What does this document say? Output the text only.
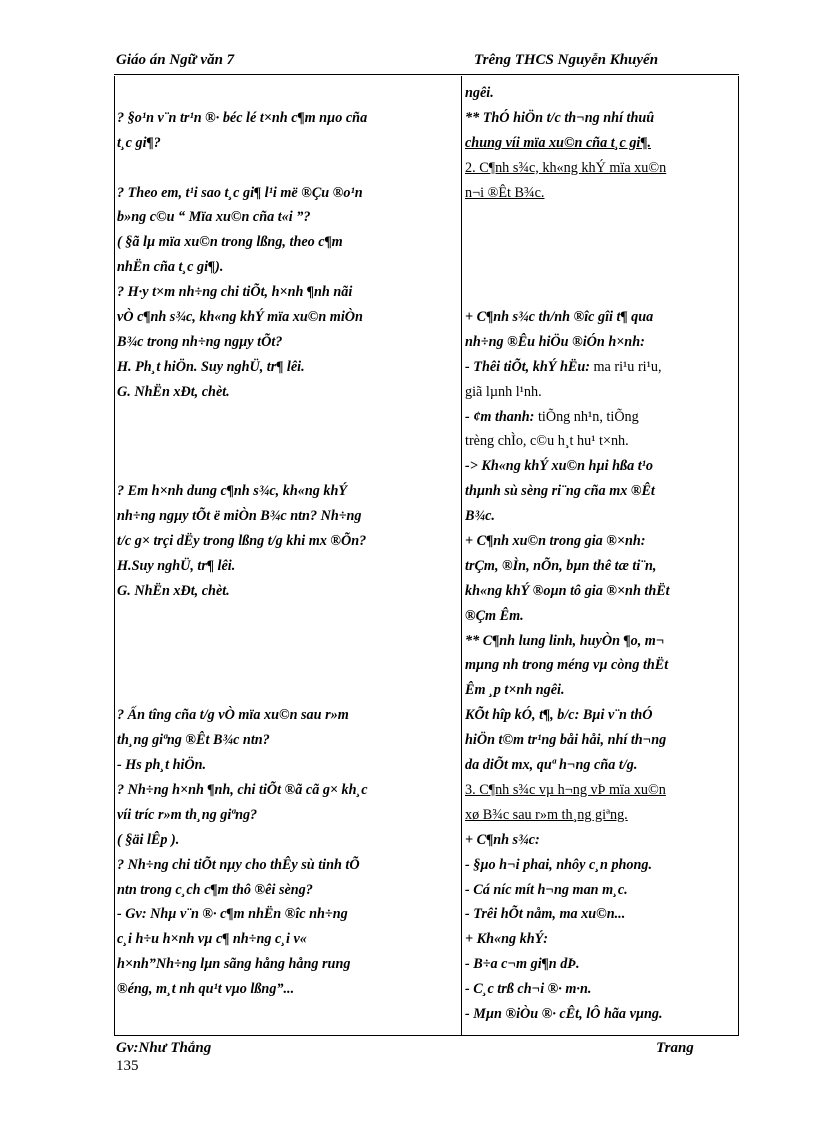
Giáo án Ngữ văn 7	Trêng THCS Nguyễn Khuyến
? §o¹n v¨n tr¹n ®· béc lé t×nh c¶m nµo cña
t¸c gi¶?
? Theo em, t¹i sao t¸c gi¶ l¹i më ®Çu ®o¹n
b»ng c©u “ Mïa xu©n cña t«i ”?
( §ã lµ mïa xu©n trong lßng, theo c¶m
nhËn cña t¸c gi¶).
? H·y t×m nh÷ng chi tiÕt, h×nh ¶nh nãi
vÒ c¶nh s¾c, kh«ng khÝ mïa xu©n miÒn
B¾c trong nh÷ng ngµy tÕt?
H. Ph¸t hiÖn. Suy nghÜ, tr¶ lêi.
G. NhËn xÐt, chèt.
? Em h×nh dung c¶nh s¾c, kh«ng khÝ
nh÷ng ngµy tÕt ë miÒn B¾c ntn? Nh÷ng
t/c g× trçi dËy trong lßng t/g khi mx ®Õn?
H.Suy nghÜ, tr¶ lêi.
G. NhËn xÐt, chèt.
? Ấn tîng cña t/g vÒ mïa xu©n sau r»m
th¸ng giªng ®Êt B¾c ntn?
- Hs ph¸t hiÖn.
? Nh÷ng h×nh ¶nh, chi tiÕt ®ã cã g× kh¸c
víi tríc r»m th¸ng giªng?
( §äi lÊp ).
? Nh÷ng chi tiÕt nµy cho thÊy sù tinh tÕ
ntn trong c¸ch c¶m thô ®êi sèng?
- Gv: Nhµ v¨n ®· c¶m nhËn ®îc nh÷ng
c¸i h÷u h×nh vµ c¶ nh÷ng c¸i v«
h×nh”Nh÷ng lµn sãng hång hång rung
®éng, m¸t nh qu¹t vµo lßng”...
ngêi.
** ThÓ hiÖn t/c th¬ng nhí thuû
chung víi mïa xu©n cña t¸c gi¶.
2. C¶nh s¾c, kh«ng khÝ mïa xu©n
n¬i ®Êt B¾c.
+ C¶nh s¾c th/nh ®îc gîi t¶ qua
nh÷ng ®Êu hiÖu ®iÓn h×nh:
- Thêi tiÕt, khÝ hËu: ma ri¹u ri¹u,
giã lµnh l¹nh.
- ¢m thanh: tiÕng nh¹n, tiÕng
trèng chÌo, c©u h¸t hu¹ t×nh.
-> Kh«ng khÝ xu©n hµi hßa t¹o
thµnh sù sèng ri¨ng cña mx ®Êt
B¾c.
+ C¶nh xu©n trong gia ®×nh:
trÇm, ®Ìn, nÕn, bµn thê tæ ti¨n,
kh«ng khÝ ®oµn tô gia ®×nh thËt
®Çm Êm.
** C¶nh lung linh, huyÒn ¶o, m¬
mµng nh trong méng vµ còng thËt
Êm ¸p t×nh ngêi.
KÕt hîp kÓ, t¶, b/c: Bµi v¨n thÓ
hiÖn t©m tr¹ng båi håi, nhí th¬ng
da diÕt mx, quª h¬ng cña t/g.
3. C¶nh s¾c vµ h¬ng vÞ mïa xu©n
xø B¾c sau r»m th¸ng giªng.
+ C¶nh s¾c:
- §µo h¬i phai, nhôy c¸n phong.
- Cá níc mít h¬ng man m¸c.
- Trêi hÕt nåm, ma xu©n...
+ Kh«ng khÝ:
- B÷a c¬m gi¶n dÞ.
- C¸c trß ch¬i ®· m·n.
- Mµn ®iÒu ®· cÊt, lÔ hãa vµng.
Gv:Như Thắng
135
Trang
